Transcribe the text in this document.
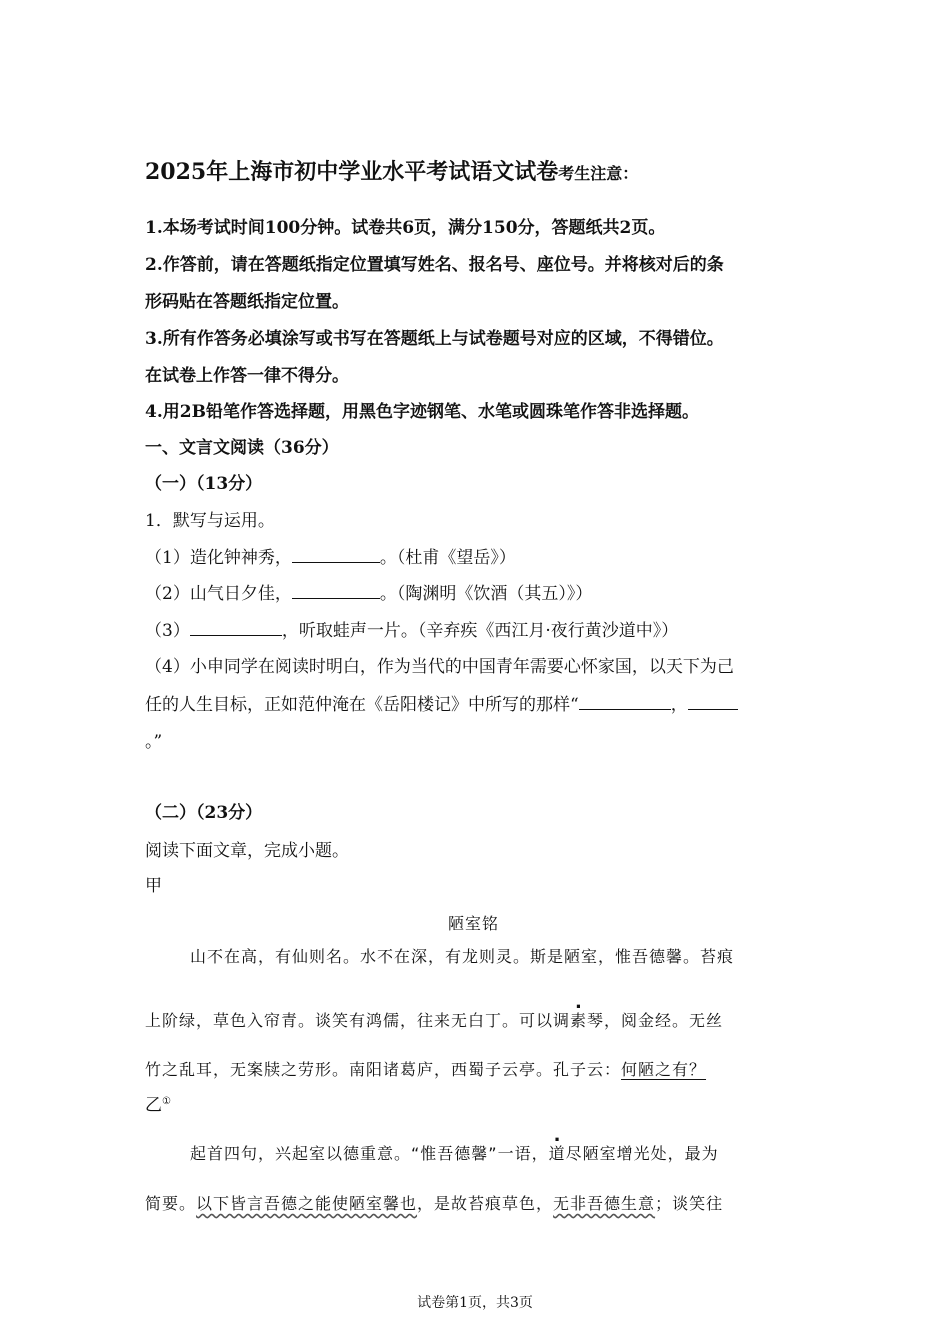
2025年上海市初中学业水平考试语文试卷考生注意：
1.本场考试时间100分钟。试卷共6页，满分150分，答题纸共2页。
2.作答前，请在答题纸指定位置填写姓名、报名号、座位号。并将核对后的条
形码贴在答题纸指定位置。
3.所有作答务必填涂写或书写在答题纸上与试卷题号对应的区域，不得错位。
在试卷上作答一律不得分。
4.用2B铅笔作答选择题，用黑色字迹钢笔、水笔或圆珠笔作答非选择题。
一、文言文阅读（36分）
（一）（13分）
1．默写与运用。
（1）造化钟神秀，	。（杜甫《望岳》）
（2）山气日夕佳，	。（陶渊明《饮酒（其五）》）
（3）	，听取蛙声一片。（辛弃疾《西江月·夜行黄沙道中》）
（4）小申同学在阅读时明白，作为当代的中国青年需要心怀家国，以天下为己
任的人生目标，正如范仲淹在《岳阳楼记》中所写的那样“	，
。”
（二）（23分）
阅读下面文章，完成小题。
甲
陋室铭
山不在高，有仙则名。水不在深，有龙则灵。斯是陋室，惟吾德馨。苔痕
上阶绿，草色入帘青。谈笑有鸿儒，往来无白丁。可以调素琴，阅金经。无丝
竹之乱耳，无案牍之劳形。南阳诸葛庐，西蜀子云亭。孔子云：何陋之有？
乙①
起首四句，兴起室以德重意。“惟吾德馨”一语，道尽陋室增光处，最为
简要。以下皆言吾德之能使陋室馨也，是故苔痕草色，无非吾德生意；谈笑往
试卷第1页，共3页
